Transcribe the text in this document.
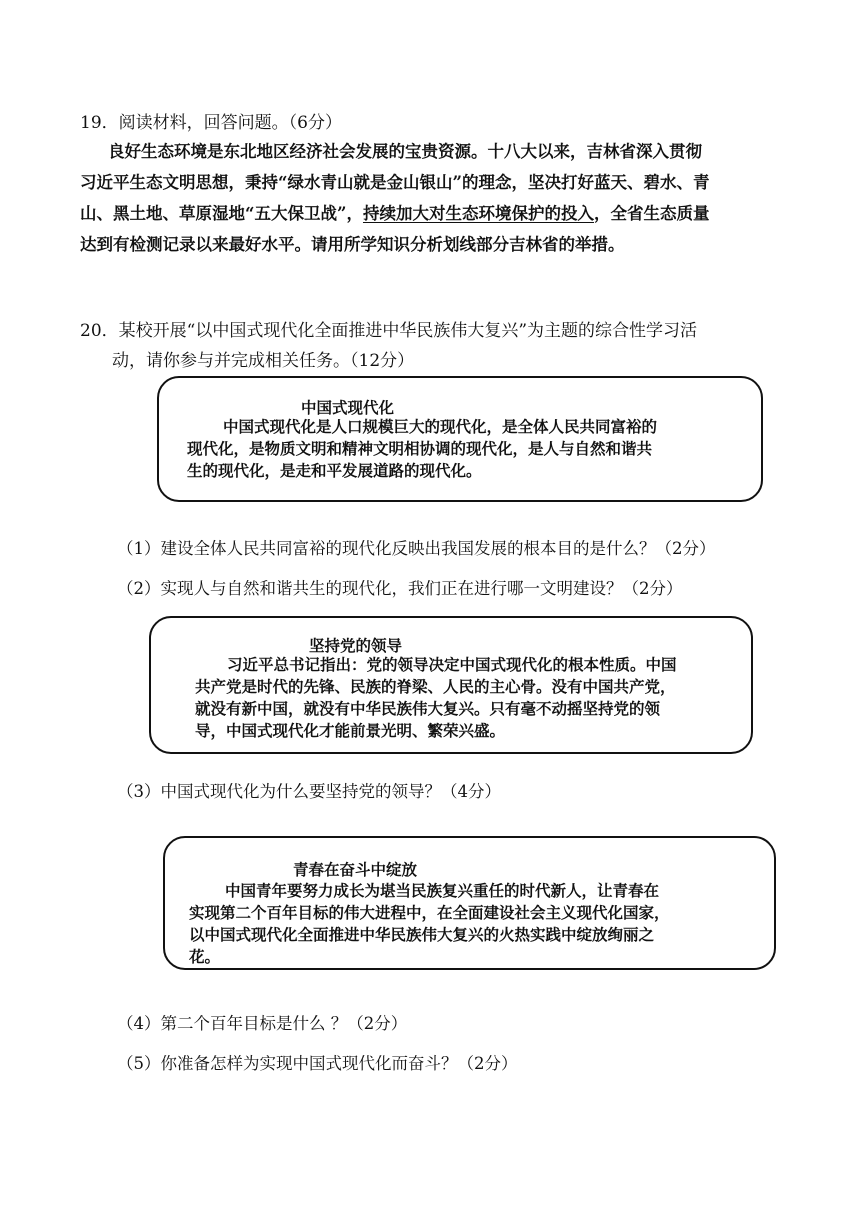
19．阅读材料，回答问题。（6分）
良好生态环境是东北地区经济社会发展的宝贵资源。十八大以来，吉林省深入贯彻
习近平生态文明思想，秉持“绿水青山就是金山银山”的理念，坚决打好蓝天、碧水、青
山、黑土地、草原湿地“五大保卫战”，持续加大对生态环境保护的投入，全省生态质量
达到有检测记录以来最好水平。请用所学知识分析划线部分吉林省的举措。
20．某校开展“以中国式现代化全面推进中华民族伟大复兴”为主题的综合性学习活
动，请你参与并完成相关任务。（12分）
中国式现代化
中国式现代化是人口规模巨大的现代化，是全体人民共同富裕的
现代化，是物质文明和精神文明相协调的现代化，是人与自然和谐共
生的现代化，是走和平发展道路的现代化。
（1）建设全体人民共同富裕的现代化反映出我国发展的根本目的是什么？（2分）
（2）实现人与自然和谐共生的现代化，我们正在进行哪一文明建设？（2分）
坚持党的领导
习近平总书记指出：党的领导决定中国式现代化的根本性质。中国
共产党是时代的先锋、民族的脊梁、人民的主心骨。没有中国共产党，
就没有新中国，就没有中华民族伟大复兴。只有毫不动摇坚持党的领
导，中国式现代化才能前景光明、繁荣兴盛。
（3）中国式现代化为什么要坚持党的领导？（4分）
青春在奋斗中绽放
中国青年要努力成长为堪当民族复兴重任的时代新人，让青春在
实现第二个百年目标的伟大进程中，在全面建设社会主义现代化国家，
以中国式现代化全面推进中华民族伟大复兴的火热实践中绽放绚丽之
花。
（4）第二个百年目标是什么 ？（2分）
（5）你准备怎样为实现中国式现代化而奋斗？（2分）
